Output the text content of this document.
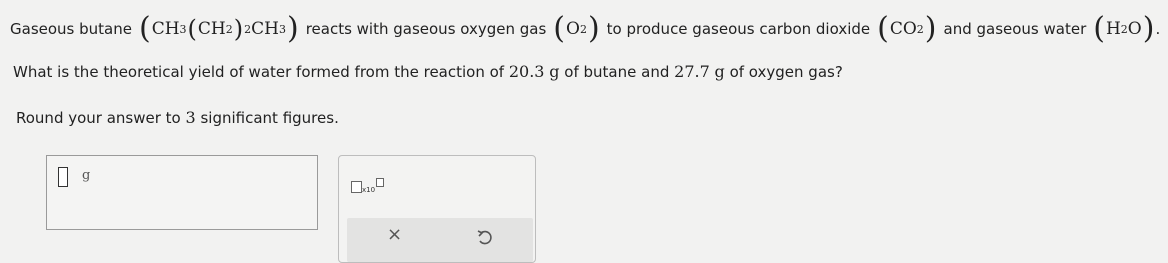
Gaseous butane ( CH 3 ( CH 2 ) 2 CH 3 ) reacts with gaseous oxygen gas ( O 2 ) to produce gaseous carbon dioxide ( CO 2 ) and gaseous water ( H 2 O ) .
What is the theoretical yield of water formed from the reaction of 20.3 g of butane and 27.7 g of oxygen gas?
Round your answer to 3 significant figures.
g
x10
×
